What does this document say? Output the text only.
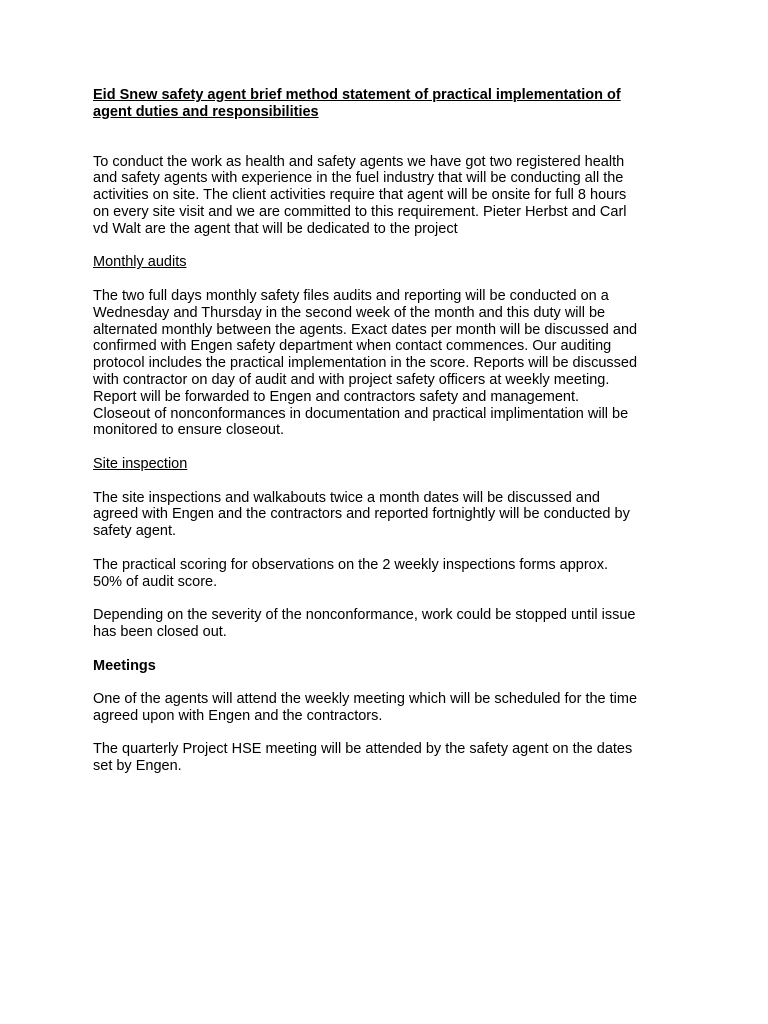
Eid Snew safety agent brief method statement of practical implementation of
agent duties and responsibilities
To conduct the work as health and safety agents we have got two registered health
and safety agents with experience in the fuel industry that will be conducting all the
activities on site. The client activities require that agent will be onsite for full 8 hours
on every site visit and we are committed to this requirement. Pieter Herbst and Carl
vd Walt are the agent that will be dedicated to the project
Monthly audits
The two full days monthly safety files audits and reporting will be conducted on a
Wednesday and Thursday in the second week of the month and this duty will be
alternated monthly between the agents. Exact dates per month will be discussed and
confirmed with Engen safety department when contact commences. Our auditing
protocol includes the practical implementation in the score. Reports will be discussed
with contractor on day of audit and with project safety officers at weekly meeting.
Report will be forwarded to Engen and contractors safety and management.
Closeout of nonconformances in documentation and practical implimentation will be
monitored to ensure closeout.
Site inspection
The site inspections and walkabouts twice a month dates will be discussed and
agreed with Engen and the contractors and reported fortnightly will be conducted by
safety agent.
The practical scoring for observations on the 2 weekly inspections forms approx.
50% of audit score.
Depending on the severity of the nonconformance, work could be stopped until issue
has been closed out.
Meetings
One of the agents will attend the weekly meeting which will be scheduled for the time
agreed upon with Engen and the contractors.
The quarterly Project HSE meeting will be attended by the safety agent on the dates
set by Engen.
